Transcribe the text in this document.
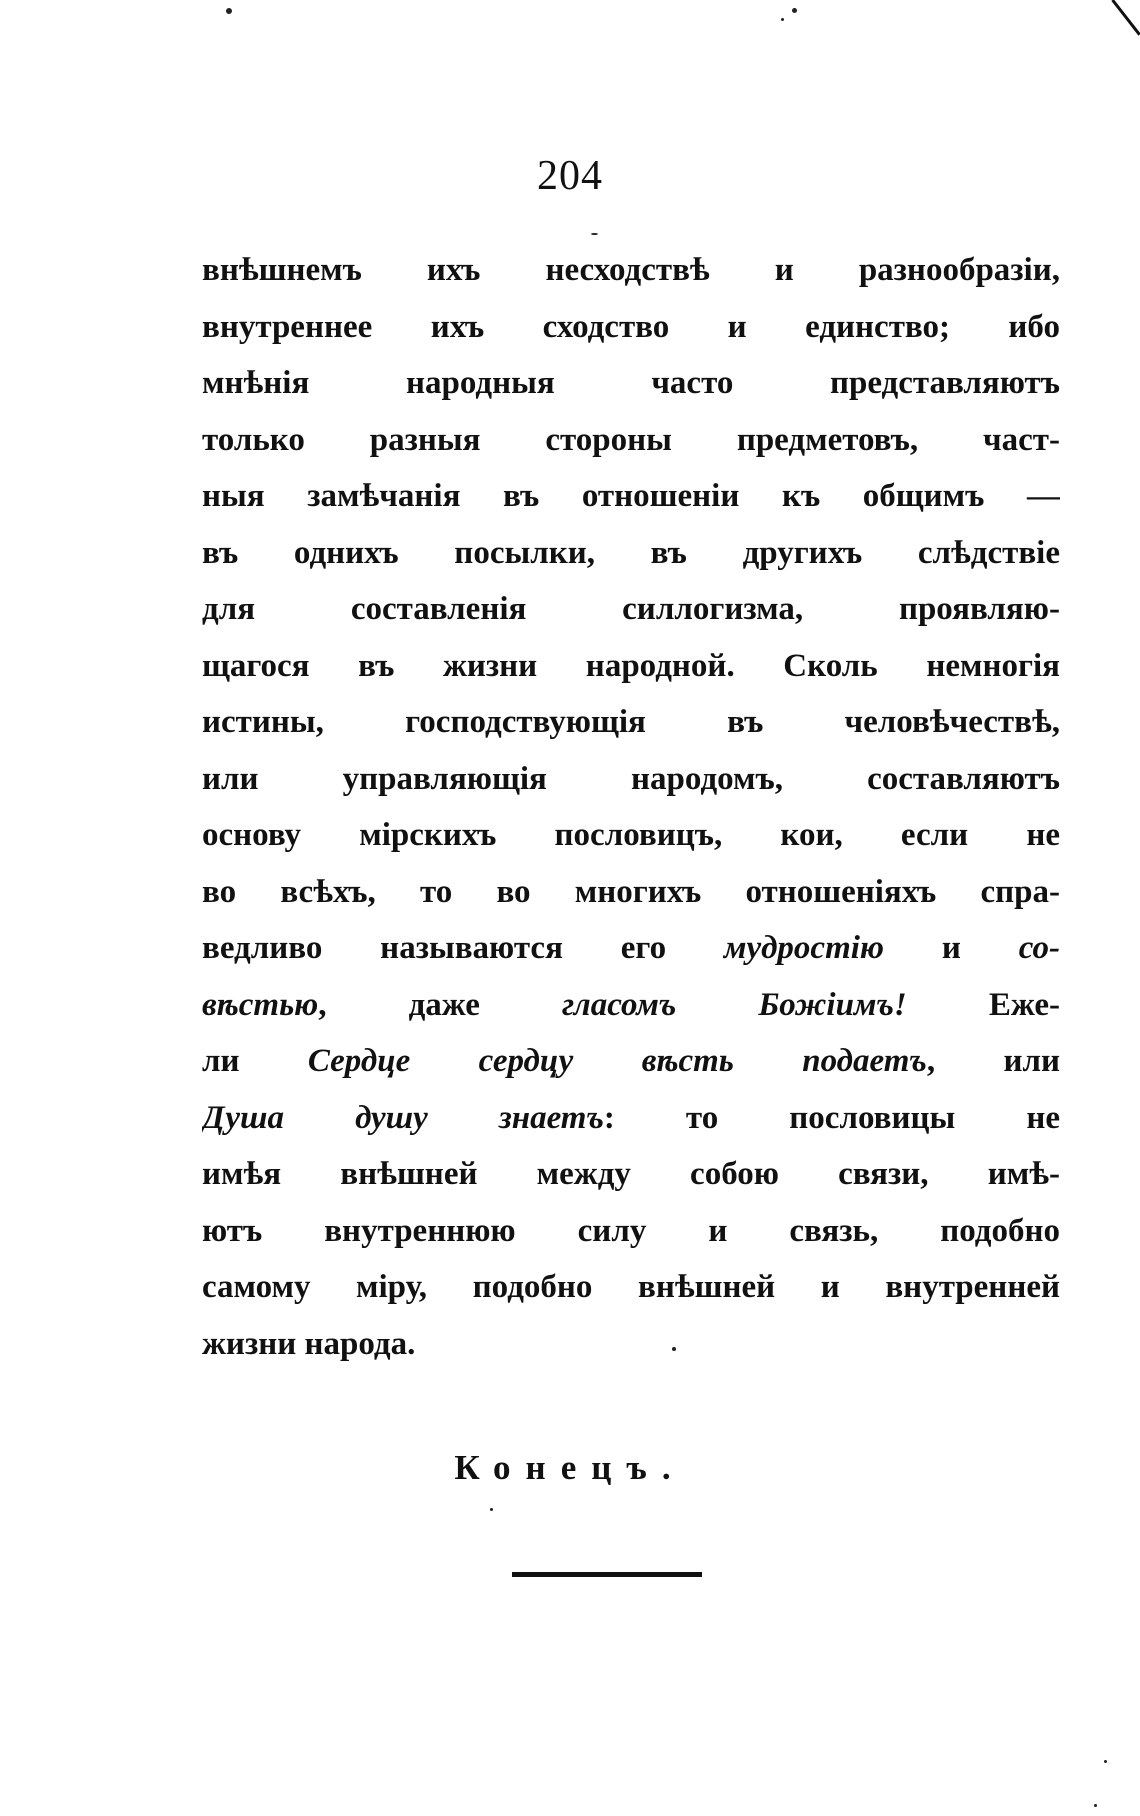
204
внѣшнемъ ихъ несходствѣ и разнообразіи,
внутреннее ихъ сходство и единство; ибо
мнѣнія народныя часто представляютъ
только разныя стороны предметовъ, част-
ныя замѣчанія въ отношеніи къ общимъ —
въ однихъ посылки, въ другихъ слѣдствіе
для составленія силлогизма, проявляю-
щагося въ жизни народной. Сколь немногія
истины, господствующія въ человѣчествѣ,
или управляющія народомъ, составляютъ
основу мірскихъ пословицъ, кои, если не
во всѣхъ, то во многихъ отношеніяхъ спра-
ведливо называются его мудростію и со-
вѣстью, даже гласомъ Божіимъ! Еже-
ли Сердце сердцу вѣсть подаетъ, или
Душа душу знаетъ: то пословицы не
имѣя внѣшней между собою связи, имѣ-
ютъ внутреннюю силу и связь, подобно
самому міру, подобно внѣшней и внутренней
жизни народа.
Конецъ.
